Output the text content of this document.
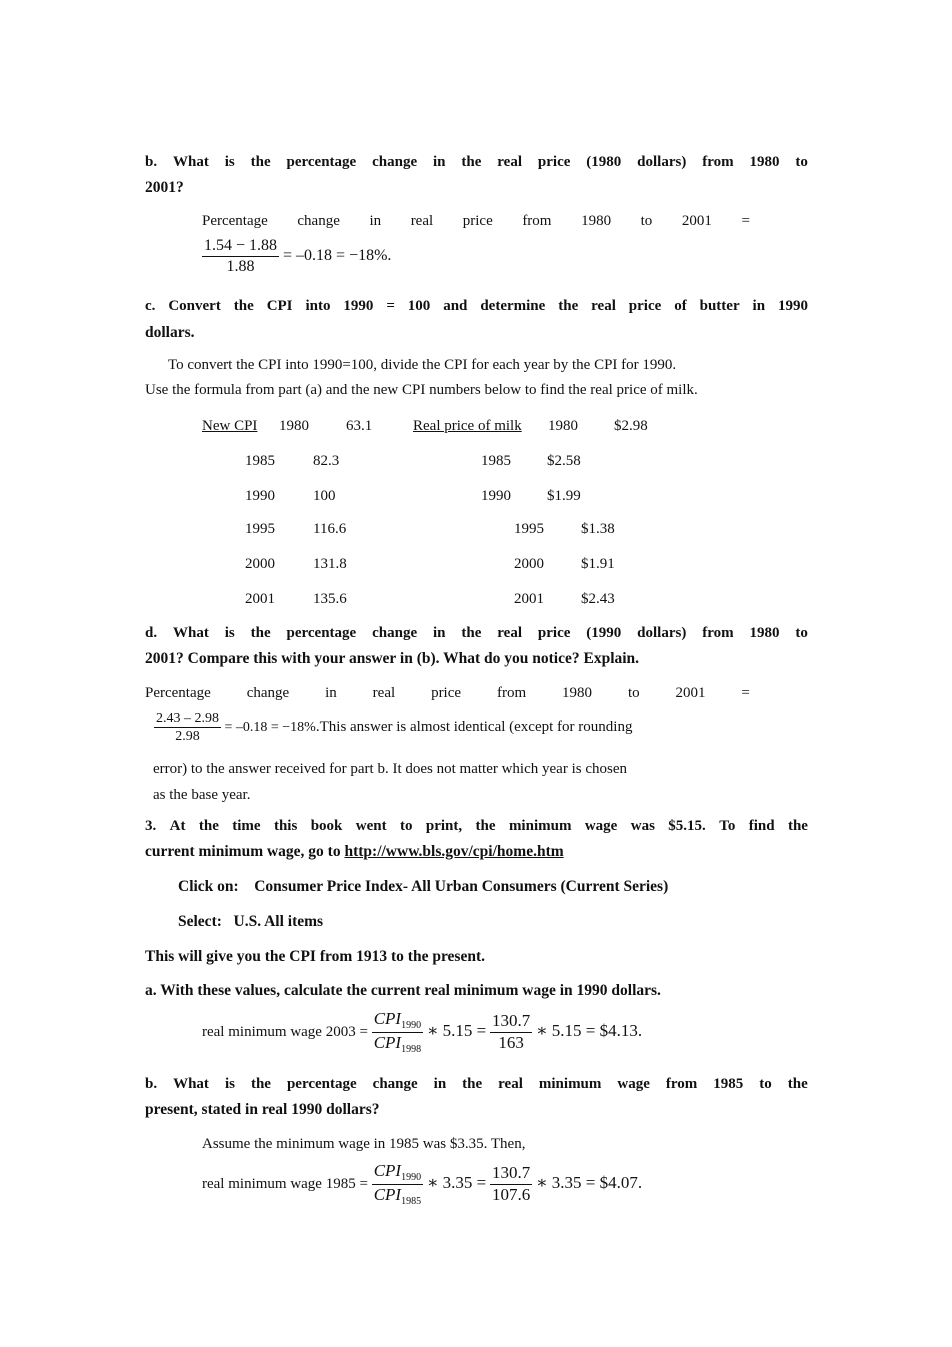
b. What is the percentage change in the real price (1980 dollars) from 1980 to
2001?
Percentage change in real price from 1980 to 2001 =
$\frac{1.54 - 1.88}{1.88} = -0.18 = -18\%$.
c. Convert the CPI into 1990 = 100 and determine the real price of butter in 1990
dollars.
To convert the CPI into 1990=100, divide the CPI for each year by the CPI for 1990.
Use the formula from part (a) and the new CPI numbers below to find the real price of milk.
New CPI 1980 63.1	Real price of milk 1980 $2.98
1985	82.3	1985 $2.58
1990	100	1990 $1.99
1995	116.6	1995 $1.38
2000	131.8	2000 $1.91
2001	135.6	2001 $2.43
d. What is the percentage change in the real price (1990 dollars) from 1980 to
2001? Compare this with your answer in (b). What do you notice? Explain.
Percentage change in real price from 1980 to 2001 =
$\frac{2.43 - 2.98}{2.98} = -0.18$ = −18%.This answer is almost identical (except for rounding
error) to the answer received for part b. It does not matter which year is chosen
as the base year.
3. At the time this book went to print, the minimum wage was $5.15. To find the
current minimum wage, go to http://www.bls.gov/cpi/home.htm
Click on: Consumer Price Index- All Urban Consumers (Current Series)
Select: U.S. All items
This will give you the CPI from 1913 to the present.
a. With these values, calculate the current real minimum wage in 1990 dollars.
real minimum wage $2003 = \frac{CPI_{1990}}{CPI_{1998}}$ ∗ $5.15 = \frac{130.7}{163}$ ∗ 5.15 = $4.13.
b. What is the percentage change in the real minimum wage from 1985 to the
present, stated in real 1990 dollars?
Assume the minimum wage in 1985 was $3.35. Then,
real minimum wage $1985 = \frac{CPI_{1990}}{CPI_{1985}}$ ∗ $3.35 = \frac{130.7}{107.6}$ ∗ 3.35 = $4.07.
